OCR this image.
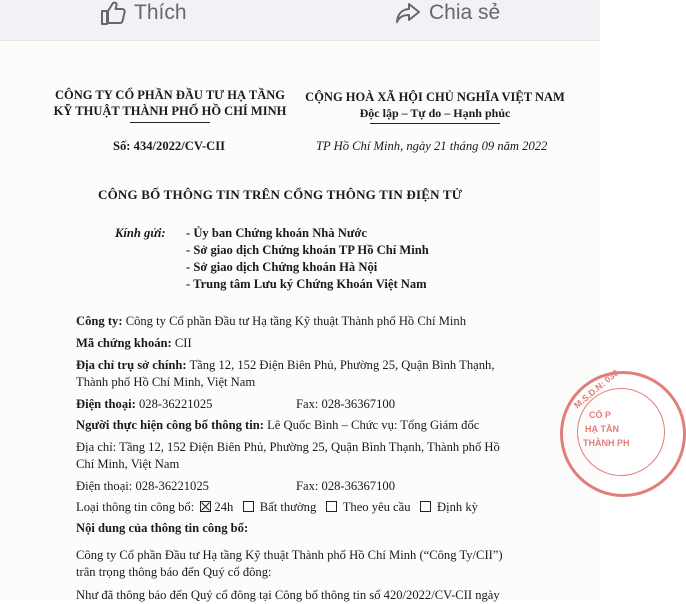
Thích	Chia sẻ
CÔNG TY CỔ PHẦN ĐẦU TƯ HẠ TẦNG
KỸ THUẬT THÀNH PHỐ HỒ CHÍ MINH
CỘNG HOÀ XÃ HỘI CHỦ NGHĨA VIỆT NAM
Độc lập – Tự do – Hạnh phúc
Số: 434/2022/CV-CII	TP Hồ Chí Minh, ngày 21 tháng 09 năm 2022
CÔNG BỐ THÔNG TIN TRÊN CỔNG THÔNG TIN ĐIỆN TỬ
Kính gửi: - Ủy ban Chứng khoán Nhà Nước
- Sở giao dịch Chứng khoán TP Hồ Chí Minh
- Sở giao dịch Chứng khoán Hà Nội
- Trung tâm Lưu ký Chứng Khoán Việt Nam
Công ty: Công ty Cổ phần Đầu tư Hạ tầng Kỹ thuật Thành phố Hồ Chí Minh
Mã chứng khoán: CII
Địa chỉ trụ sở chính: Tầng 12, 152 Điện Biên Phủ, Phường 25, Quận Bình Thạnh,
Thành phố Hồ Chí Minh, Việt Nam
Điện thoại: 028-36221025	Fax: 028-36367100
Người thực hiện công bố thông tin: Lê Quốc Bình – Chức vụ: Tổng Giám đốc
Địa chỉ: Tầng 12, 152 Điện Biên Phủ, Phường 25, Quận Bình Thạnh, Thành phố Hồ
Chí Minh, Việt Nam
Điện thoại: 028-36221025	Fax: 028-36367100
Loại thông tin công bố: 24h Bất thường Theo yêu cầu Định kỳ
Nội dung của thông tin công bố:
Công ty Cổ phần Đầu tư Hạ tầng Kỹ thuật Thành phố Hồ Chí Minh (“Công Ty/CII”)
trân trọng thông báo đến Quý cổ đông:
Như đã thông báo đến Quý cổ đông tại Công bố thông tin số 420/2022/CV-CII ngày
M.S.D.N: 030
CỔ P
HẠ TẦN
THÀNH PH
